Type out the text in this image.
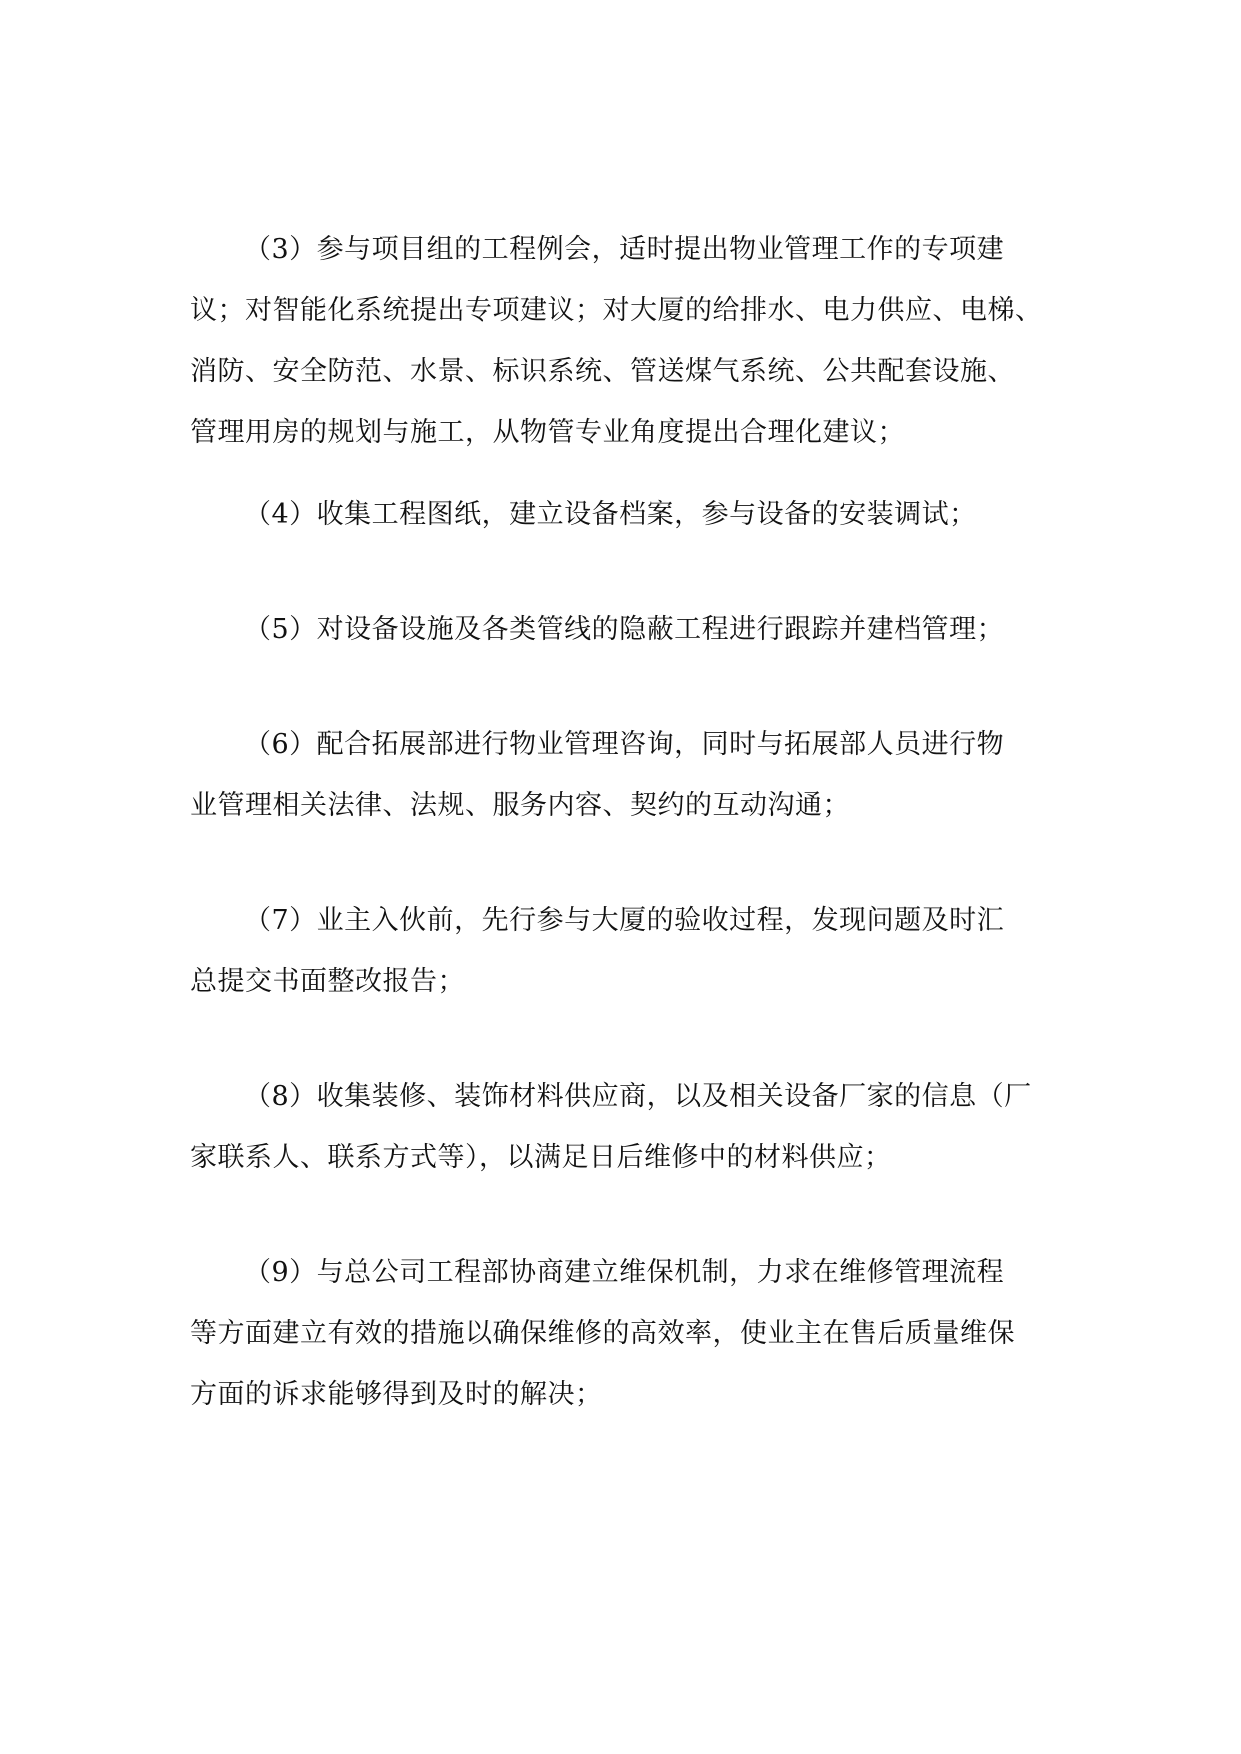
（3）参与项目组的工程例会，适时提出物业管理工作的专项建
议；对智能化系统提出专项建议；对大厦的给排水、电力供应、电梯、
消防、安全防范、水景、标识系统、管送煤气系统、公共配套设施、
管理用房的规划与施工，从物管专业角度提出合理化建议；
（4）收集工程图纸，建立设备档案，参与设备的安装调试；
（5）对设备设施及各类管线的隐蔽工程进行跟踪并建档管理；
（6）配合拓展部进行物业管理咨询，同时与拓展部人员进行物
业管理相关法律、法规、服务内容、契约的互动沟通；
（7）业主入伙前，先行参与大厦的验收过程，发现问题及时汇
总提交书面整改报告；
（8）收集装修、装饰材料供应商，以及相关设备厂家的信息（厂
家联系人、联系方式等），以满足日后维修中的材料供应；
（9）与总公司工程部协商建立维保机制，力求在维修管理流程
等方面建立有效的措施以确保维修的高效率，使业主在售后质量维保
方面的诉求能够得到及时的解决；
